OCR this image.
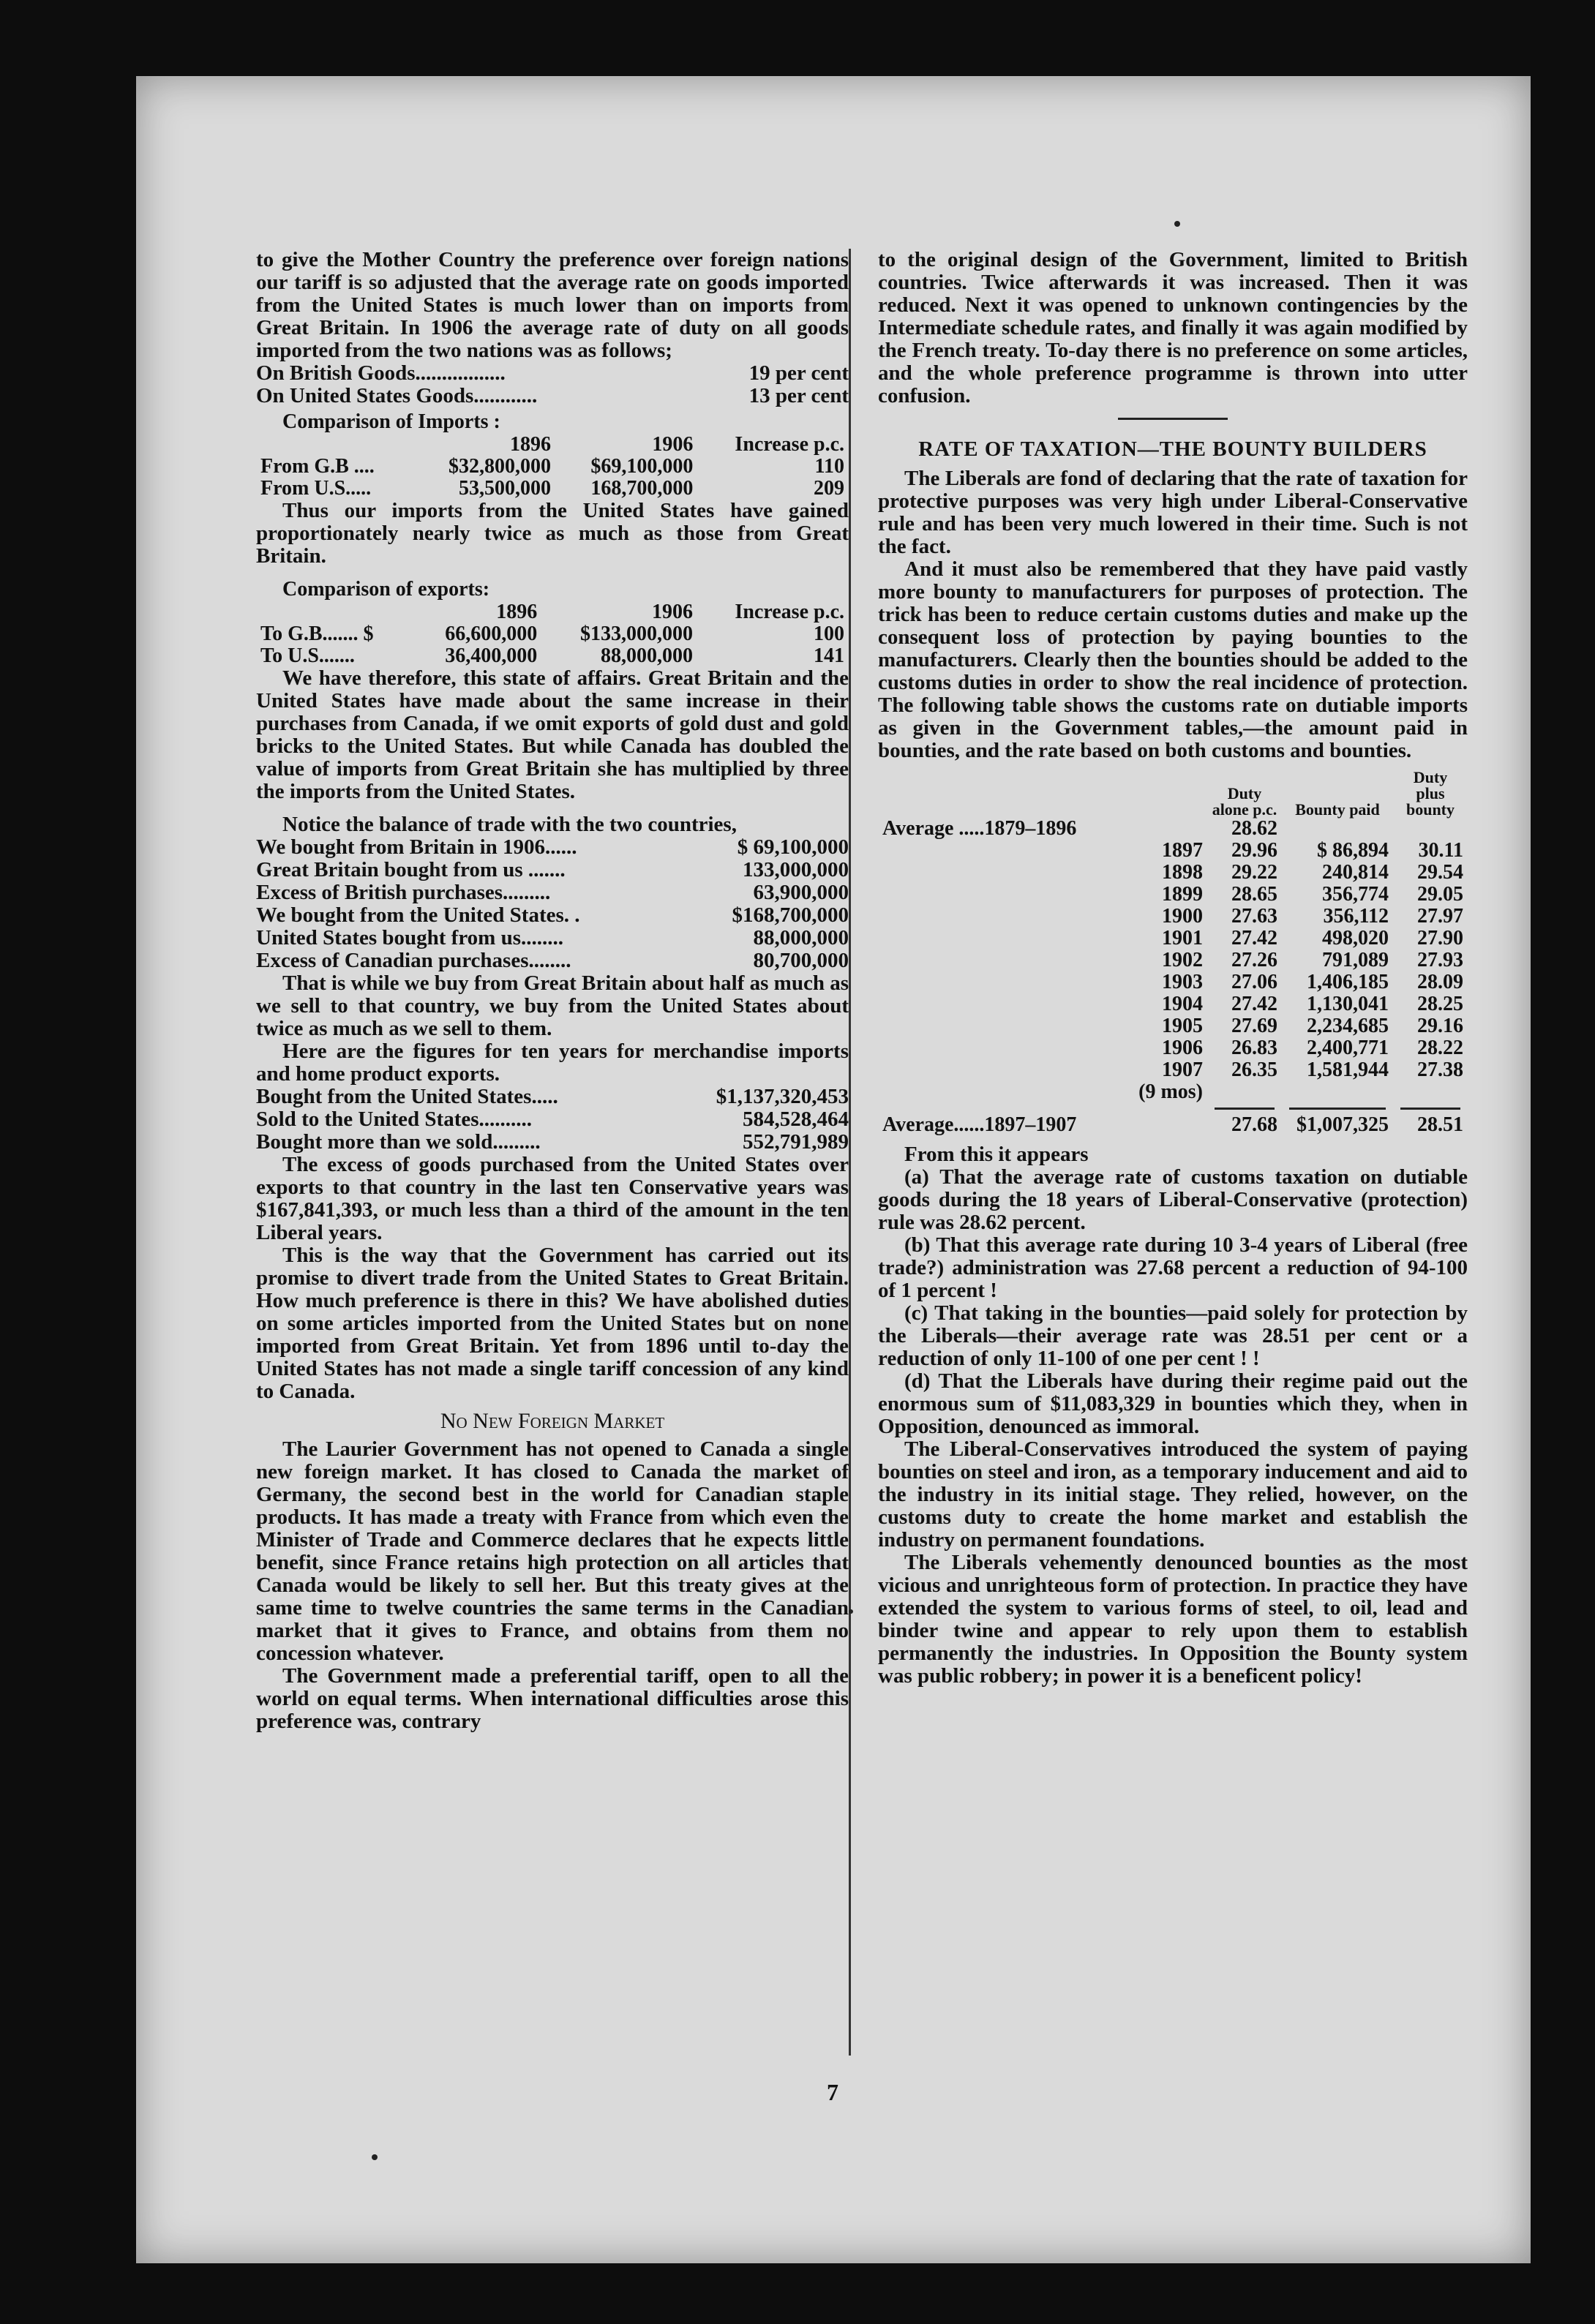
to give the Mother Country the preference over foreign nations our tariff is so adjusted that the average rate on goods imported from the United States is much lower than on imports from Great Britain. In 1906 the average rate of duty on all goods imported from the two nations was as follows;

On British Goods.................	19 per cent
On United States Goods............	13 per cent
Comparison of Imports :
	1896	1906	Increase p.c.
From G.B ....	$32,800,000	$69,100,000	110
From U.S.....	53,500,000	168,700,000	209

Thus our imports from the United States have gained proportionately nearly twice as much as those from Great Britain.

Comparison of exports:
	1896	1906	Increase p.c.
To G.B....... $	66,600,000	$133,000,000	100
To U.S.......	36,400,000	88,000,000	141

We have therefore, this state of affairs. Great Britain and the United States have made about the same increase in their purchases from Canada, if we omit exports of gold dust and gold bricks to the United States. But while Canada has doubled the value of imports from Great Britain she has multiplied by three the imports from the United States.

Notice the balance of trade with the two countries,

We bought from Britain in 1906......	$ 69,100,000
Great Britain bought from us .......	133,000,000
Excess of British purchases.........	63,900,000
We bought from the United States. .	$168,700,000
United States bought from us........	88,000,000
Excess of Canadian purchases........	80,700,000

That is while we buy from Great Britain about half as much as we sell to that country, we buy from the United States about twice as much as we sell to them.

Here are the figures for ten years for merchandise imports and home product exports.

Bought from the United States.....	$1,137,320,453
Sold to the United States..........	584,528,464
Bought more than we sold.........	552,791,989

The excess of goods purchased from the United States over exports to that country in the last ten Conservative years was $167,841,393, or much less than a third of the amount in the ten Liberal years.

This is the way that the Government has carried out its promise to divert trade from the United States to Great Britain. How much preference is there in this? We have abolished duties on some articles imported from the United States but on none imported from Great Britain. Yet from 1896 until to-day the United States has not made a single tariff concession of any kind to Canada.

No New Foreign Market

The Laurier Government has not opened to Canada a single new foreign market. It has closed to Canada the market of Germany, the second best in the world for Canadian staple products. It has made a treaty with France from which even the Minister of Trade and Commerce declares that he expects little benefit, since France retains high protection on all articles that Canada would be likely to sell her. But this treaty gives at the same time to twelve countries the same terms in the Canadian market that it gives to France, and obtains from them no concession whatever.

The Government made a preferential tariff, open to all the world on equal terms. When international difficulties arose this preference was, contrary

to the original design of the Government, limited to British countries. Twice afterwards it was increased. Then it was reduced. Next it was opened to unknown contingencies by the Intermediate schedule rates, and finally it was again modified by the French treaty. To-day there is no preference on some articles, and the whole preference programme is thrown into utter confusion.

RATE OF TAXATION—THE BOUNTY BUILDERS

The Liberals are fond of declaring that the rate of taxation for protective purposes was very high under Liberal-Conservative rule and has been very much lowered in their time. Such is not the fact.

And it must also be remembered that they have paid vastly more bounty to manufacturers for purposes of protection. The trick has been to reduce certain customs duties and make up the consequent loss of protection by paying bounties to the manufacturers. Clearly then the bounties should be added to the customs duties in order to show the real incidence of protection. The following table shows the customs rate on dutiable imports as given in the Government tables,—the amount paid in bounties, and the rate based on both customs and bounties.

		Duty alone p.c.	Bounty paid	Duty plus bounty
Average .....1879–1896		28.62		
	1897	29.96	$ 86,894	30.11
	1898	29.22	240,814	29.54
	1899	28.65	356,774	29.05
	1900	27.63	356,112	27.97
	1901	27.42	498,020	27.90
	1902	27.26	791,089	27.93
	1903	27.06	1,406,185	28.09
	1904	27.42	1,130,041	28.25
	1905	27.69	2,234,685	29.16
	1906	26.83	2,400,771	28.22
	1907	26.35	1,581,944	27.38
	(9 mos)			

Average......1897–1907		27.68	$1,007,325	28.51

From this it appears

(a) That the average rate of customs taxation on dutiable goods during the 18 years of Liberal-Conservative (protection) rule was 28.62 percent.

(b) That this average rate during 10 3-4 years of Liberal (free trade?) administration was 27.68 percent a reduction of 94-100 of 1 percent !

(c) That taking in the bounties—paid solely for protection by the Liberals—their average rate was 28.51 per cent or a reduction of only 11-100 of one per cent ! !

(d) That the Liberals have during their regime paid out the enormous sum of $11,083,329 in bounties which they, when in Opposition, denounced as immoral.

The Liberal-Conservatives introduced the system of paying bounties on steel and iron, as a temporary inducement and aid to the industry in its initial stage. They relied, however, on the customs duty to create the home market and establish the industry on permanent foundations.

The Liberals vehemently denounced bounties as the most vicious and unrighteous form of protection. In practice they have extended the system to various forms of steel, to oil, lead and binder twine and appear to rely upon them to establish permanently the industries. In Opposition the Bounty system was public robbery; in power it is a beneficent policy!

7
